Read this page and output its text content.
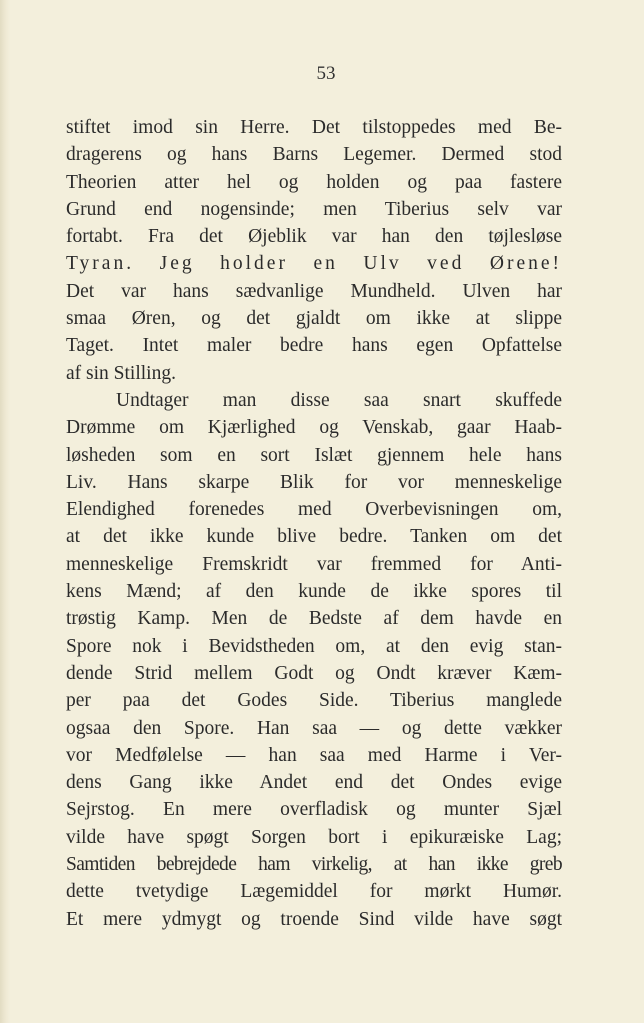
53
stiftet imod sin Herre. Det tilstoppedes med Be-
dragerens og hans Barns Legemer. Dermed stod
Theorien atter hel og holden og paa fastere
Grund end nogensinde; men Tiberius selv var
fortabt. Fra det Øjeblik var han den tøjlesløse
Tyran. Jeg holder en Ulv ved Ørene!
Det var hans sædvanlige Mundheld. Ulven har
smaa Øren, og det gjaldt om ikke at slippe
Taget. Intet maler bedre hans egen Opfattelse
af sin Stilling.
Undtager man disse saa snart skuffede
Drømme om Kjærlighed og Venskab, gaar Haab-
løsheden som en sort Islæt gjennem hele hans
Liv. Hans skarpe Blik for vor menneskelige
Elendighed forenedes med Overbevisningen om,
at det ikke kunde blive bedre. Tanken om det
menneskelige Fremskridt var fremmed for Anti-
kens Mænd; af den kunde de ikke spores til
trøstig Kamp. Men de Bedste af dem havde en
Spore nok i Bevidstheden om, at den evig stan-
dende Strid mellem Godt og Ondt kræver Kæm-
per paa det Godes Side. Tiberius manglede
ogsaa den Spore. Han saa — og dette vækker
vor Medfølelse — han saa med Harme i Ver-
dens Gang ikke Andet end det Ondes evige
Sejrstog. En mere overfladisk og munter Sjæl
vilde have spøgt Sorgen bort i epikuræiske Lag;
Samtiden bebrejdede ham virkelig, at han ikke greb
dette tvetydige Lægemiddel for mørkt Humør.
Et mere ydmygt og troende Sind vilde have søgt
